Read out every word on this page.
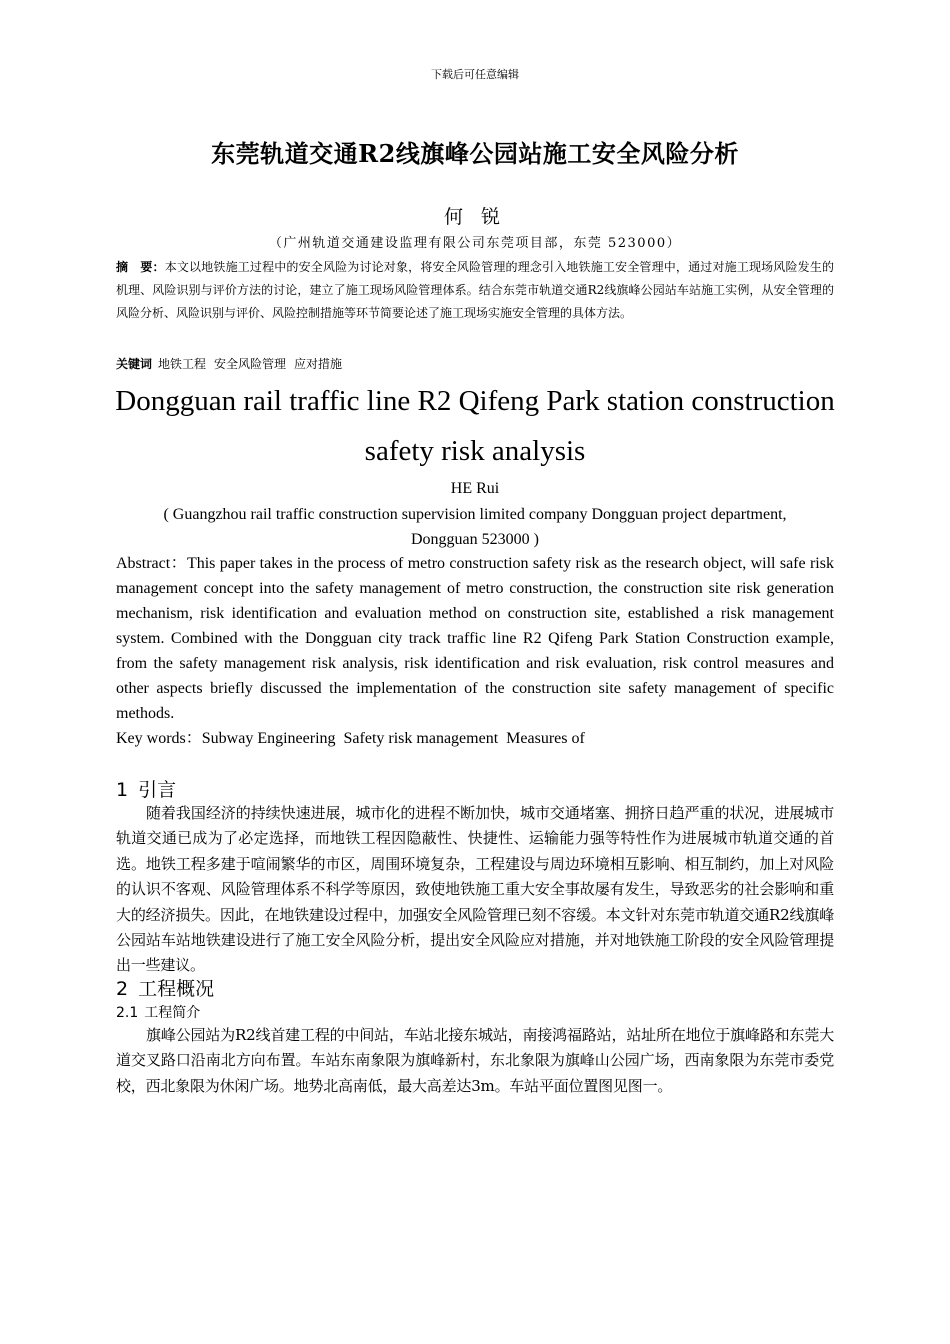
下载后可任意编辑
东莞轨道交通R2线旗峰公园站施工安全风险分析
何 锐
（广州轨道交通建设监理有限公司东莞项目部，东莞 523000）
摘　要：本文以地铁施工过程中的安全风险为讨论对象，将安全风险管理的理念引入地铁施工安全管理中，通过对施工现场风险发生的机理、风险识别与评价方法的讨论，建立了施工现场风险管理体系。结合东莞市轨道交通R2线旗峰公园站车站施工实例，从安全管理的风险分析、风险识别与评价、风险控制措施等环节简要论述了施工现场实施安全管理的具体方法。
关键词 地铁工程 安全风险管理 应对措施
Dongguan rail traffic line R2 Qifeng Park station construction safety risk analysis
HE Rui
( Guangzhou rail traffic construction supervision limited company Dongguan project department, Dongguan 523000 )
Abstract：This paper takes in the process of metro construction safety risk as the research object, will safe risk management concept into the safety management of metro construction, the construction site risk generation mechanism, risk identification and evaluation method on construction site, established a risk management system. Combined with the Dongguan city track traffic line R2 Qifeng Park Station Construction example, from the safety management risk analysis, risk identification and risk evaluation, risk control measures and other aspects briefly discussed the implementation of the construction site safety management of specific methods.
Key words：Subway Engineering Safety risk management Measures of
1 引言
随着我国经济的持续快速进展，城市化的进程不断加快，城市交通堵塞、拥挤日趋严重的状况，进展城市轨道交通已成为了必定选择，而地铁工程因隐蔽性、快捷性、运输能力强等特性作为进展城市轨道交通的首选。地铁工程多建于喧闹繁华的市区，周围环境复杂，工程建设与周边环境相互影响、相互制约，加上对风险的认识不客观、风险管理体系不科学等原因，致使地铁施工重大安全事故屡有发生，导致恶劣的社会影响和重大的经济损失。因此，在地铁建设过程中，加强安全风险管理已刻不容缓。本文针对东莞市轨道交通R2线旗峰公园站车站地铁建设进行了施工安全风险分析，提出安全风险应对措施，并对地铁施工阶段的安全风险管理提出一些建议。
2 工程概况
2.1 工程简介
旗峰公园站为R2线首建工程的中间站，车站北接东城站，南接鸿福路站，站址所在地位于旗峰路和东莞大道交叉路口沿南北方向布置。车站东南象限为旗峰新村，东北象限为旗峰山公园广场，西南象限为东莞市委党校，西北象限为休闲广场。地势北高南低，最大高差达3m。车站平面位置图见图一。
